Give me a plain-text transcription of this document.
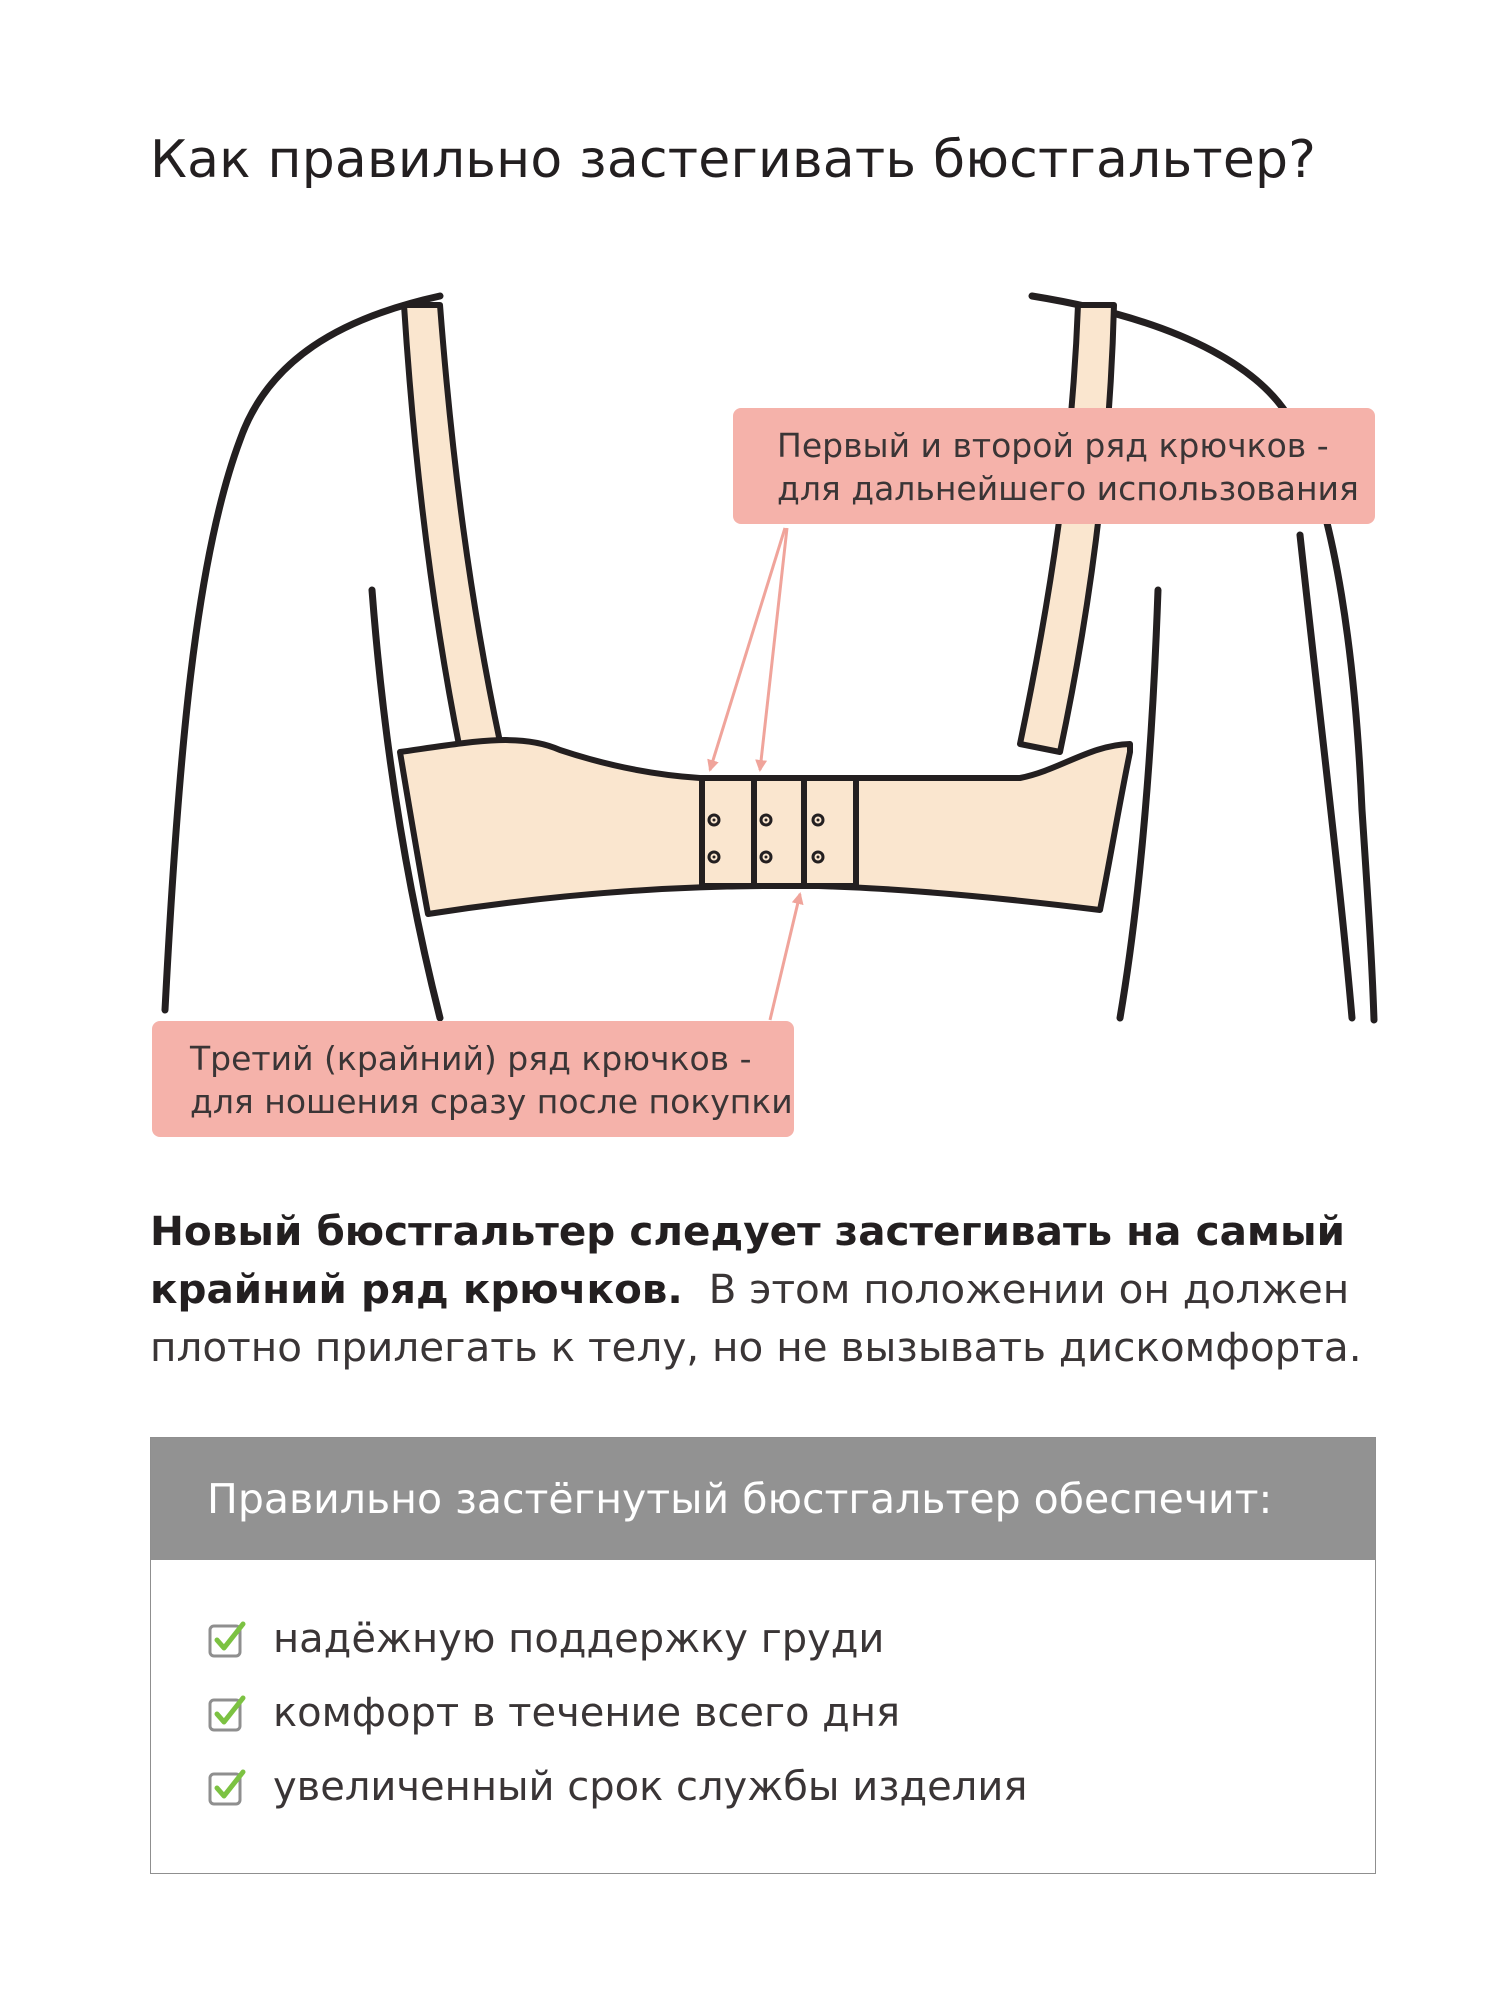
Как правильно застегивать бюстгальтер?
Первый и второй ряд крючков -
для дальнейшего использования
Третий (крайний) ряд крючков -
для ношения сразу после покупки
Новый бюстгальтер следует застегивать на самый
крайний ряд крючков. В этом положении он должен
плотно прилегать к телу, но не вызывать дискомфорта.
Правильно застёгнутый бюстгальтер обеспечит:
надёжную поддержку груди
комфорт в течение всего дня
увеличенный срок службы изделия
